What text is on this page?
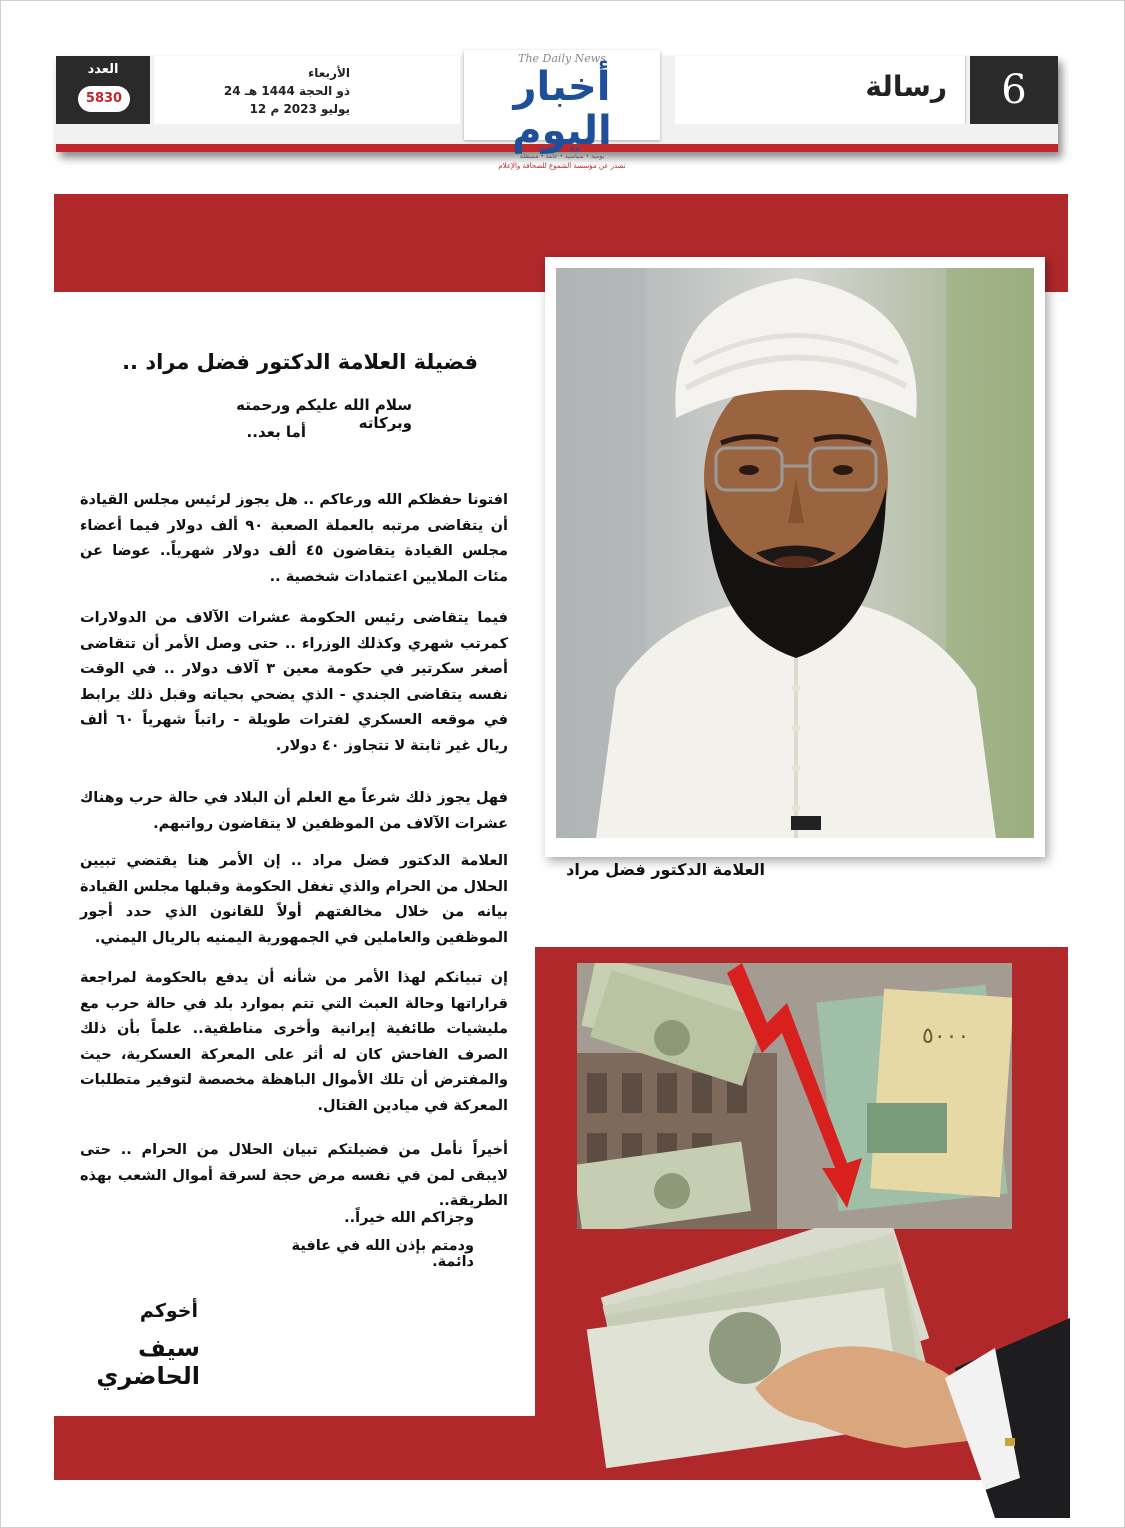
6
رسالة
The Daily News
أخبار اليوم
يومية • سياسية • عامة • مستقلة
تصدر عن مؤسسة الشموع للصحافة والإعلام
الأربعاء
24 ذو الحجة 1444 هـ
12 يوليو 2023 م
العدد
5830
العلامة الدكتور فضل مراد
٥٠٠٠
فضيلة العلامة الدكتور فضل مراد ..
سلام الله عليكم ورحمته وبركاته
أما بعد..
افتونا حفظكم الله ورعاكم .. هل يجوز لرئيس مجلس القيادة أن يتقاضى مرتبه بالعملة الصعبة ٩٠ ألف دولار فيما أعضاء مجلس القيادة يتقاضون ٤٥ ألف دولار شهرياً.. عوضا عن مئات الملايين اعتمادات شخصية ..
فيما يتقاضى رئيس الحكومة عشرات الآلاف من الدولارات كمرتب شهري وكذلك الوزراء .. حتى وصل الأمر أن تتقاضى أصغر سكرتير في حكومة معين ٣ آلاف دولار .. في الوقت نفسه يتقاضى الجندي - الذي يضحي بحياته وقبل ذلك يرابط في موقعه العسكري لفترات طويلة - راتباً شهرياً ٦٠ ألف ريال غير ثابتة لا تتجاوز ٤٠ دولار.
فهل يجوز ذلك شرعاً مع العلم أن البلاد في حالة حرب وهناك عشرات الآلاف من الموظفين لا يتقاضون رواتبهم.
العلامة الدكتور فضل مراد .. إن الأمر هنا يقتضي تبيين الحلال من الحرام والذي تغفل الحكومة وقبلها مجلس القيادة بيانه من خلال مخالفتهم أولاً للقانون الذي حدد أجور الموظفين والعاملين في الجمهورية اليمنيه بالريال اليمني.
إن تبيانكم لهذا الأمر من شأنه أن يدفع بالحكومة لمراجعة قراراتها وحالة العبث التي تتم بموارد بلد في حالة حرب مع مليشيات طائفية إيرانية وأخرى مناطقية.. علماً بأن ذلك الصرف الفاحش كان له أثر على المعركة العسكرية، حيث والمفترض أن تلك الأموال الباهظة مخصصة لتوفير متطلبات المعركة في ميادين القتال.
أخيراً نأمل من فضيلتكم تبيان الحلال من الحرام .. حتى لايبقى لمن في نفسه مرض حجة لسرقة أموال الشعب بهذه الطريقة..
وجزاكم الله خيراً..
ودمتم بإذن الله في عافية دائمة.
أخوكم
سيف الحاضري
